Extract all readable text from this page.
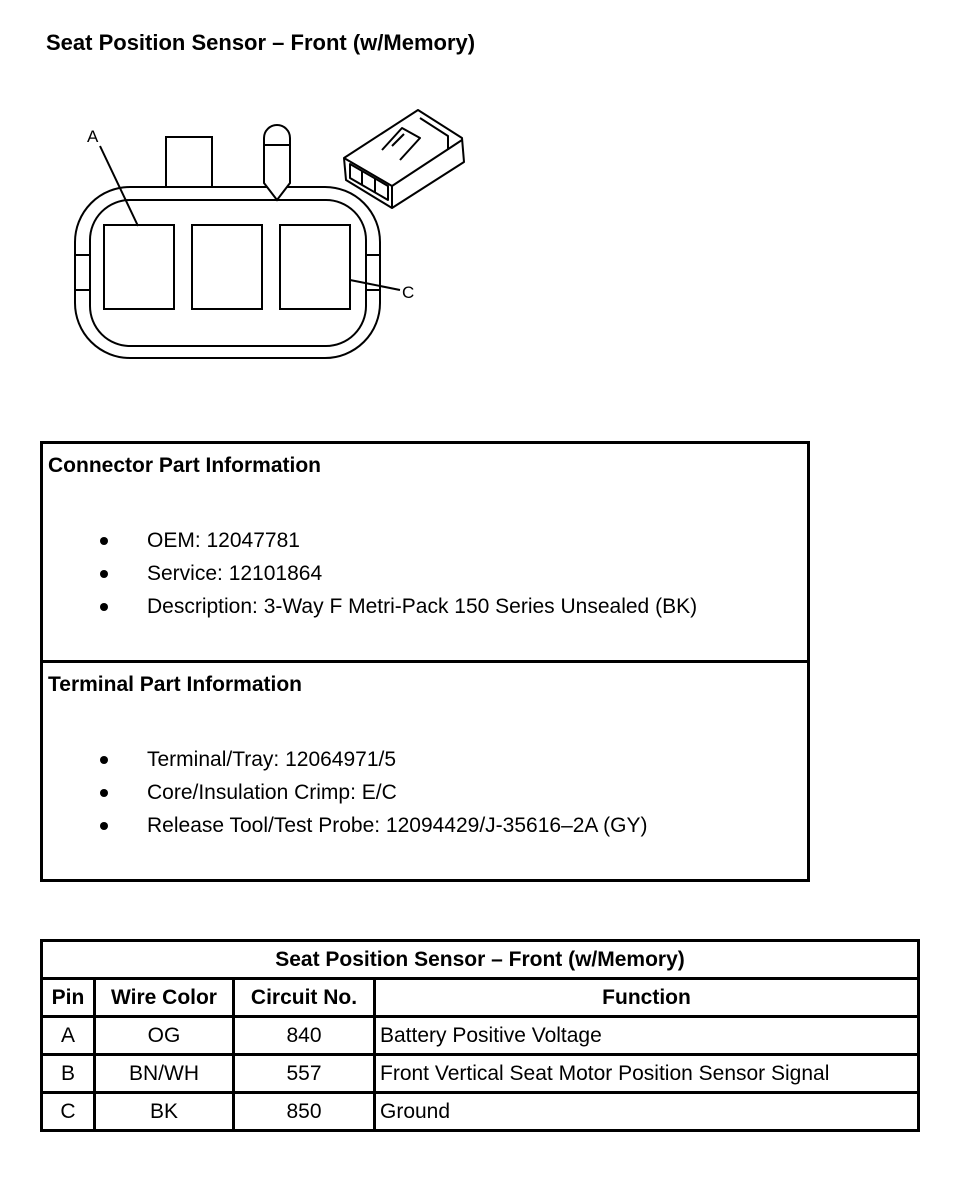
Seat Position Sensor – Front (w/Memory)
A
C
Connector Part Information
OEM: 12047781
Service: 12101864
Description: 3-Way F Metri-Pack 150 Series Unsealed (BK)
Terminal Part Information
Terminal/Tray: 12064971/5
Core/Insulation Crimp: E/C
Release Tool/Test Probe: 12094429/J-35616–2A (GY)
Seat Position Sensor – Front (w/Memory)			
Pin	Wire Color	Circuit No.	Function
A	OG	840	Battery Positive Voltage
B	BN/WH	557	Front Vertical Seat Motor Position Sensor Signal
C	BK	850	Ground
